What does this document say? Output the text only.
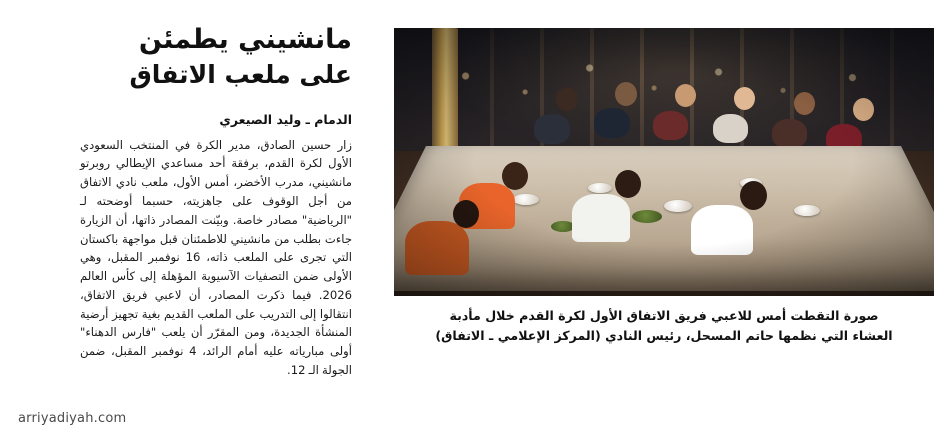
مانشيني يطمئن
على ملعب الاتفاق
الدمام ـ وليد الصيعري

زار حسين الصادق، مدير الكرة في المنتخب السعودي الأول لكرة القدم، برفقة أحد مساعدي الإيطالي روبرتو مانشيني، مدرب الأخضر، أمس الأول، ملعب نادي الاتفاق من أجل الوقوف على جاهزيته، حسبما أوضحته لـ "الرياضية" مصادر خاصة. وبيّنت المصادر ذاتها، أن الزيارة جاءت بطلب من مانشيني للاطمئنان قبل مواجهة باكستان التي تجرى على الملعب ذاته، 16 نوفمبر المقبل، وهي الأولى ضمن التصفيات الآسيوية المؤهلة إلى كأس العالم 2026. فيما ذكرت المصادر، أن لاعبي فريق الاتفاق، انتقالوا إلى التدريب على الملعب القديم بغية تجهيز أرضية المنشأة الجديدة، ومن المقرّر أن يلعب "فارس الدهناء" أولى مبارياته عليه أمام الرائد، 4 نوفمبر المقبل، ضمن الجولة الـ 12.

صورة التقطت أمس للاعبي فريق الاتفاق الأول لكرة القدم خلال مأدبة
العشاء التي نظمها حاتم المسحل، رئيس النادي (المركز الإعلامي ـ الاتفاق)
arriyadiyah.com
